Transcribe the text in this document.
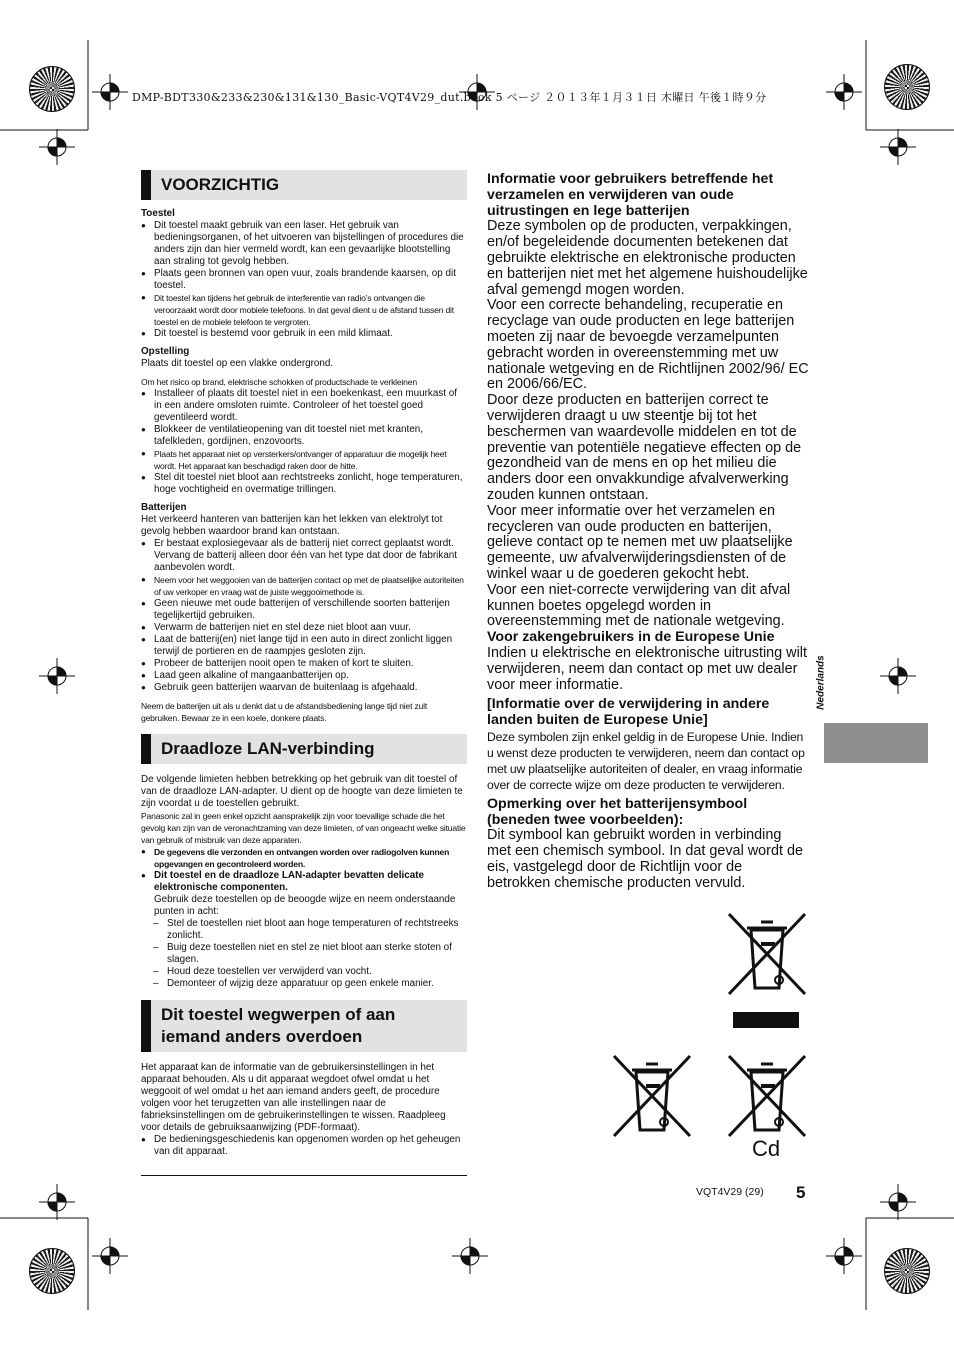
DMP-BDT330&233&230&131&130_Basic-VQT4V29_dut.book 5 ページ ２０１３年１月３１日 木曜日 午後１時９分
VOORZICHTIG
Toestel
● Dit toestel maakt gebruik van een laser. Het gebruik van bedieningsorganen, of het uitvoeren van bijstellingen of procedures die anders zijn dan hier vermeld wordt, kan een gevaarlijke blootstelling aan straling tot gevolg hebben.
● Plaats geen bronnen van open vuur, zoals brandende kaarsen, op dit toestel.
● Dit toestel kan tijdens het gebruik de interferentie van radio’s ontvangen die veroorzaakt wordt door mobiele telefoons. In dat geval dient u de afstand tussen dit toestel en de mobiele telefoon te vergroten.
● Dit toestel is bestemd voor gebruik in een mild klimaat.
Opstelling

Plaats dit toestel op een vlakke ondergrond.

Om het risico op brand, elektrische schokken of productschade te verkleinen

● Installeer of plaats dit toestel niet in een boekenkast, een muurkast of in een andere omsloten ruimte. Controleer of het toestel goed geventileerd wordt.
● Blokkeer de ventilatieopening van dit toestel niet met kranten, tafelkleden, gordijnen, enzovoorts.
● Plaats het apparaat niet op versterkers/ontvanger of apparatuur die mogelijk heet wordt. Het apparaat kan beschadigd raken door de hitte.
● Stel dit toestel niet bloot aan rechtstreeks zonlicht, hoge temperaturen, hoge vochtigheid en overmatige trillingen.
Batterijen

Het verkeerd hanteren van batterijen kan het lekken van elektrolyt tot gevolg hebben waardoor brand kan ontstaan.

● Er bestaat explosiegevaar als de batterij niet correct geplaatst wordt. Vervang de batterij alleen door één van het type dat door de fabrikant aanbevolen wordt.
● Neem voor het weggooien van de batterijen contact op met de plaatselijke autoriteiten of uw verkoper en vraag wat de juiste weggooimethode is.
● Geen nieuwe met oude batterijen of verschillende soorten batterijen tegelijkertijd gebruiken.
● Verwarm de batterijen niet en stel deze niet bloot aan vuur.
● Laat de batterij(en) niet lange tijd in een auto in direct zonlicht liggen terwijl de portieren en de raampjes gesloten zijn.
● Probeer de batterijen nooit open te maken of kort te sluiten.
● Laad geen alkaline of mangaanbatterijen op.
● Gebruik geen batterijen waarvan de buitenlaag is afgehaald.

Neem de batterijen uit als u denkt dat u de afstandsbediening lange tijd niet zult gebruiken. Bewaar ze in een koele, donkere plaats.

Draadloze LAN-verbinding

De volgende limieten hebben betrekking op het gebruik van dit toestel of van de draadloze LAN-adapter. U dient op de hoogte van deze limieten te zijn voordat u de toestellen gebruikt.

Panasonic zal in geen enkel opzicht aansprakelijk zijn voor toevallige schade die het gevolg kan zijn van de veronachtzaming van deze limieten, of van ongeacht welke situatie van gebruik of misbruik van deze apparaten.

● De gegevens die verzonden en ontvangen worden over radiogolven kunnen opgevangen en gecontroleerd worden.
● Dit toestel en de draadloze LAN-adapter bevatten delicate elektronische componenten.
Gebruik deze toestellen op de beoogde wijze en neem onderstaande punten in acht:
– Stel de toestellen niet bloot aan hoge temperaturen of rechtstreeks zonlicht.
– Buig deze toestellen niet en stel ze niet bloot aan sterke stoten of slagen.
– Houd deze toestellen ver verwijderd van vocht.
– Demonteer of wijzig deze apparatuur op geen enkele manier.
Dit toestel wegwerpen of aan iemand anders overdoen

Het apparaat kan de informatie van de gebruikersinstellingen in het apparaat behouden. Als u dit apparaat wegdoet ofwel omdat u het weggooit of wel omdat u het aan iemand anders geeft, de procedure volgen voor het terugzetten van alle instellingen naar de fabrieksinstellingen om de gebruikerinstellingen te wissen. Raadpleeg voor details de gebruiksaanwijzing (PDF-formaat).

● De bedieningsgeschiedenis kan opgenomen worden op het geheugen van dit apparaat.
Informatie voor gebruikers betreffende het verzamelen en verwijderen van oude uitrustingen en lege batterijen

Deze symbolen op de producten, verpakkingen, en/of begeleidende documenten betekenen dat gebruikte elektrische en elektronische producten en batterijen niet met het algemene huishoudelijke afval gemengd mogen worden.

Voor een correcte behandeling, recuperatie en recyclage van oude producten en lege batterijen moeten zij naar de bevoegde verzamelpunten gebracht worden in overeenstemming met uw nationale wetgeving en de Richtlijnen 2002/96/ EC en 2006/66/EC.

Door deze producten en batterijen correct te verwijderen draagt u uw steentje bij tot het beschermen van waardevolle middelen en tot de preventie van potentiële negatieve effecten op de gezondheid van de mens en op het milieu die anders door een onvakkundige afvalverwerking zouden kunnen ontstaan.

Voor meer informatie over het verzamelen en recycleren van oude producten en batterijen, gelieve contact op te nemen met uw plaatselijke gemeente, uw afvalverwijderingsdiensten of de winkel waar u de goederen gekocht hebt.

Voor een niet-correcte verwijdering van dit afval kunnen boetes opgelegd worden in overeenstemming met de nationale wetgeving.

Voor zakengebruikers in de Europese Unie

Indien u elektrische en elektronische uitrusting wilt verwijderen, neem dan contact op met uw dealer voor meer informatie.

[Informatie over de verwijdering in andere landen buiten de Europese Unie]

Deze symbolen zijn enkel geldig in de Europese Unie. Indien u wenst deze producten te verwijderen, neem dan contact op met uw plaatselijke autoriteiten of dealer, en vraag informatie over de correcte wijze om deze producten te verwijderen.

Opmerking over het batterijensymbool (beneden twee voorbeelden):

Dit symbool kan gebruikt worden in verbinding met een chemisch symbool. In dat geval wordt de eis, vastgelegd door de Richtlijn voor de betrokken chemische producten vervuld.

Cd
Nederlands
VQT4V29 (29) 5
